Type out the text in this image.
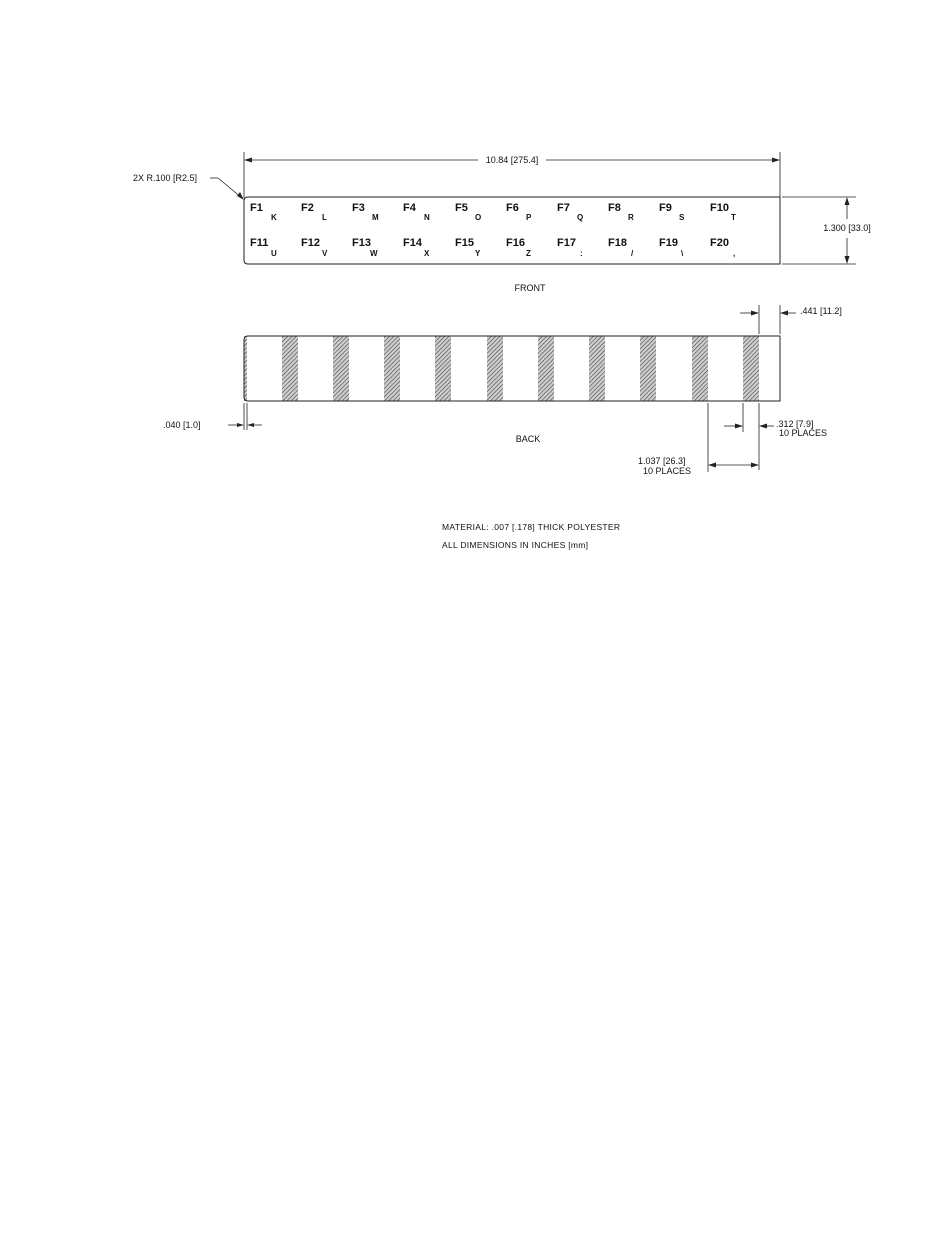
10.84 [275.4]
2X R.100 [R2.5]
1.300 [33.0]
F1
K
F2
L
F3
M
F4
N
F5
O
F6
P
F7
Q
F8
R
F9
S
F10
T
F11
U
F12
V
F13
W
F14
X
F15
Y
F16
Z
F17
:
F18
/
F19
\
F20
,
FRONT
.441 [11.2]
.040 [1.0]
BACK
.312 [7.9]
10 PLACES
1.037 [26.3]
10 PLACES
MATERIAL: .007 [.178] THICK POLYESTER
ALL DIMENSIONS IN INCHES [mm]
